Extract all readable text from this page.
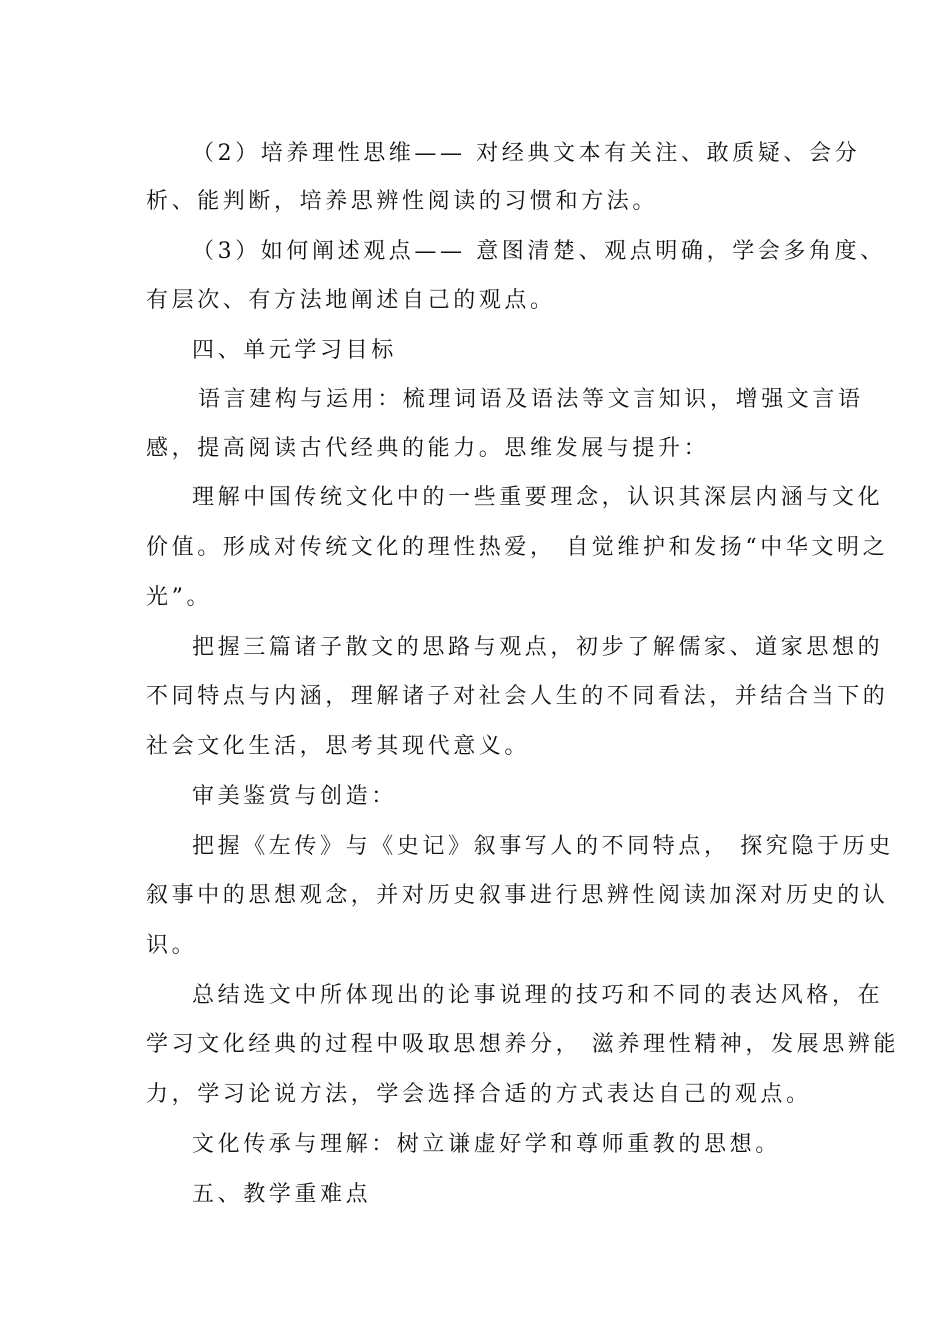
（2）培养理性思维—— 对经典文本有关注、敢质疑、会分
析、能判断，培养思辨性阅读的习惯和方法。
（3）如何阐述观点—— 意图清楚、观点明确，学会多角度、
有层次、有方法地阐述自己的观点。
四、单元学习目标
语言建构与运用：梳理词语及语法等文言知识，增强文言语
感，提高阅读古代经典的能力。思维发展与提升：
理解中国传统文化中的一些重要理念，认识其深层内涵与文化
价值。形成对传统文化的理性热爱， 自觉维护和发扬“中华文明之
光”。
把握三篇诸子散文的思路与观点，初步了解儒家、道家思想的
不同特点与内涵，理解诸子对社会人生的不同看法，并结合当下的
社会文化生活，思考其现代意义。
审美鉴赏与创造：
把握《左传》与《史记》叙事写人的不同特点， 探究隐于历史
叙事中的思想观念，并对历史叙事进行思辨性阅读加深对历史的认
识。
总结选文中所体现出的论事说理的技巧和不同的表达风格，在
学习文化经典的过程中吸取思想养分， 滋养理性精神，发展思辨能
力，学习论说方法，学会选择合适的方式表达自己的观点。
文化传承与理解：树立谦虚好学和尊师重教的思想。
五、教学重难点
